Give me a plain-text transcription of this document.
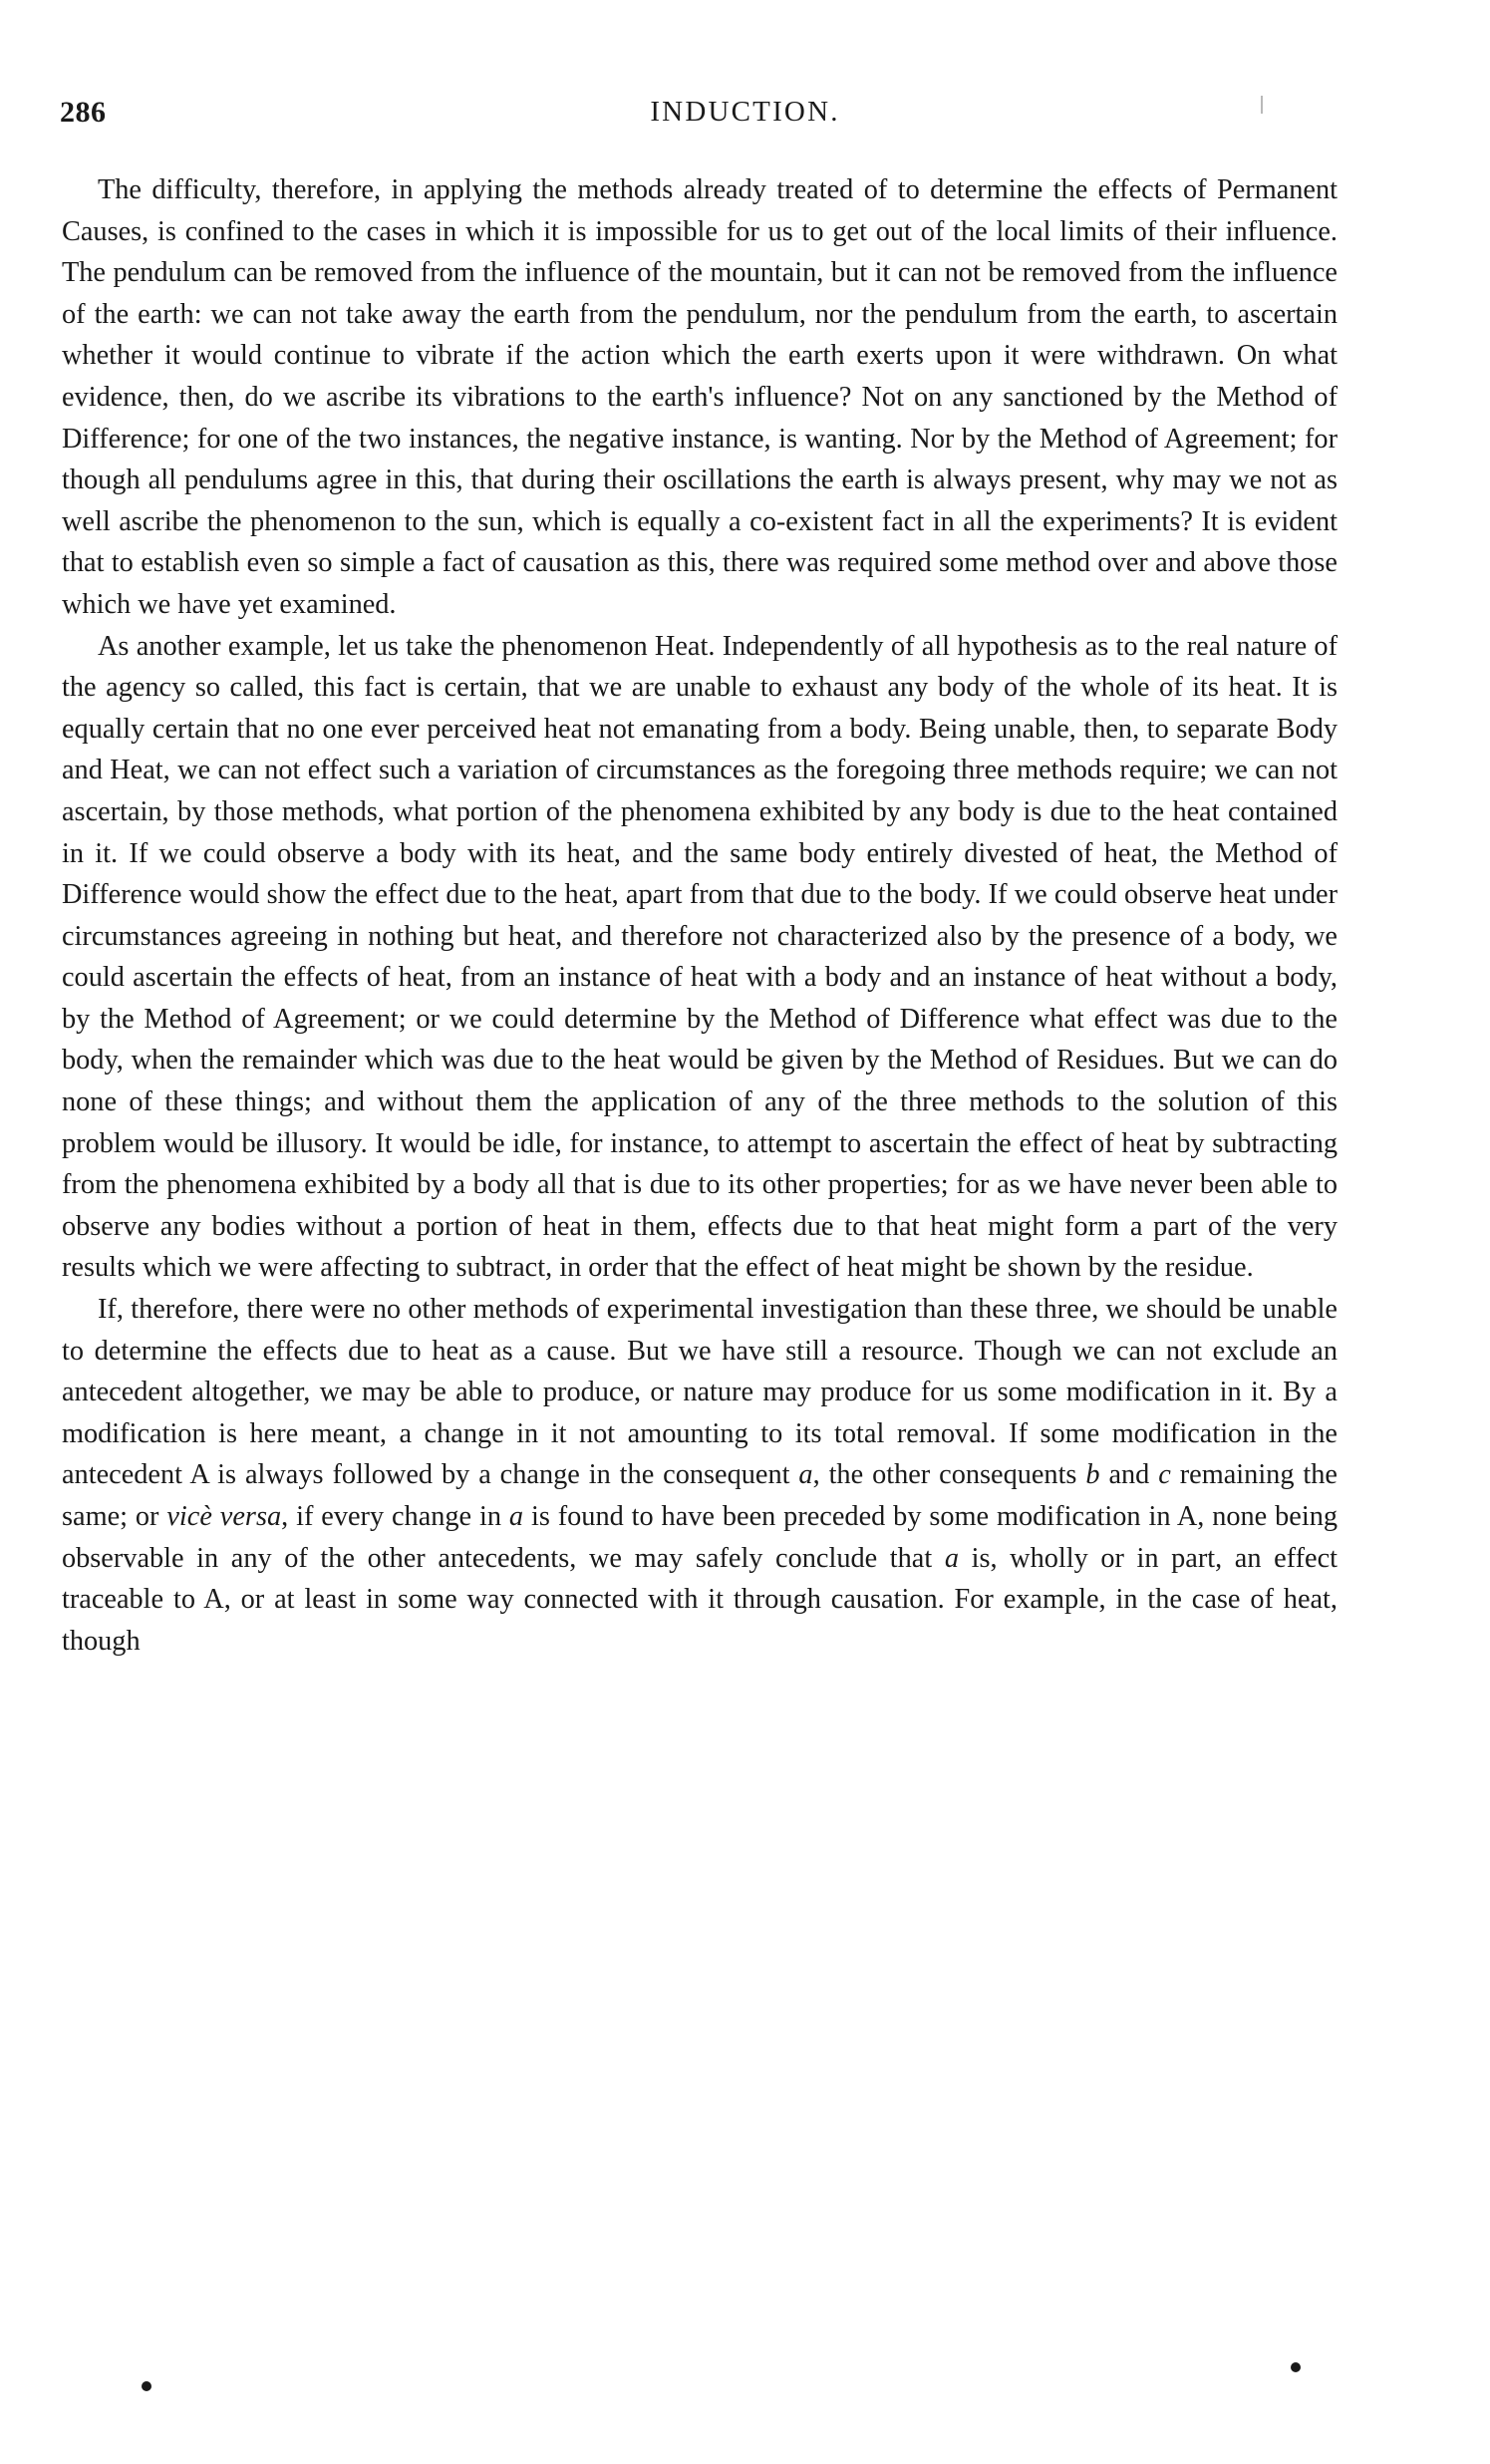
286	INDUCTION.

The difficulty, therefore, in applying the methods already treated of to determine the effects of Permanent Causes, is confined to the cases in which it is impossible for us to get out of the local limits of their influence. The pendulum can be removed from the influence of the mountain, but it can not be removed from the influence of the earth: we can not take away the earth from the pendulum, nor the pendulum from the earth, to ascertain whether it would continue to vibrate if the action which the earth exerts upon it were withdrawn. On what evidence, then, do we ascribe its vibrations to the earth's influence? Not on any sanctioned by the Method of Difference; for one of the two instances, the negative instance, is wanting. Nor by the Method of Agreement; for though all pendulums agree in this, that during their oscillations the earth is always present, why may we not as well ascribe the phenomenon to the sun, which is equally a co-existent fact in all the experiments? It is evident that to establish even so simple a fact of causation as this, there was required some method over and above those which we have yet examined.

As another example, let us take the phenomenon Heat. Independently of all hypothesis as to the real nature of the agency so called, this fact is certain, that we are unable to exhaust any body of the whole of its heat. It is equally certain that no one ever perceived heat not emanating from a body. Being unable, then, to separate Body and Heat, we can not effect such a variation of circumstances as the foregoing three methods require; we can not ascertain, by those methods, what portion of the phenomena exhibited by any body is due to the heat contained in it. If we could observe a body with its heat, and the same body entirely divested of heat, the Method of Difference would show the effect due to the heat, apart from that due to the body. If we could observe heat under circumstances agreeing in nothing but heat, and therefore not characterized also by the presence of a body, we could ascertain the effects of heat, from an instance of heat with a body and an instance of heat without a body, by the Method of Agreement; or we could determine by the Method of Difference what effect was due to the body, when the remainder which was due to the heat would be given by the Method of Residues. But we can do none of these things; and without them the application of any of the three methods to the solution of this problem would be illusory. It would be idle, for instance, to attempt to ascertain the effect of heat by subtracting from the phenomena exhibited by a body all that is due to its other properties; for as we have never been able to observe any bodies without a portion of heat in them, effects due to that heat might form a part of the very results which we were affecting to subtract, in order that the effect of heat might be shown by the residue.

If, therefore, there were no other methods of experimental investigation than these three, we should be unable to determine the effects due to heat as a cause. But we have still a resource. Though we can not exclude an antecedent altogether, we may be able to produce, or nature may produce for us some modification in it. By a modification is here meant, a change in it not amounting to its total removal. If some modification in the antecedent A is always followed by a change in the consequent a, the other consequents b and c remaining the same; or vicè versa, if every change in a is found to have been preceded by some modification in A, none being observable in any of the other antecedents, we may safely conclude that a is, wholly or in part, an effect traceable to A, or at least in some way connected with it through causation. For example, in the case of heat, though
